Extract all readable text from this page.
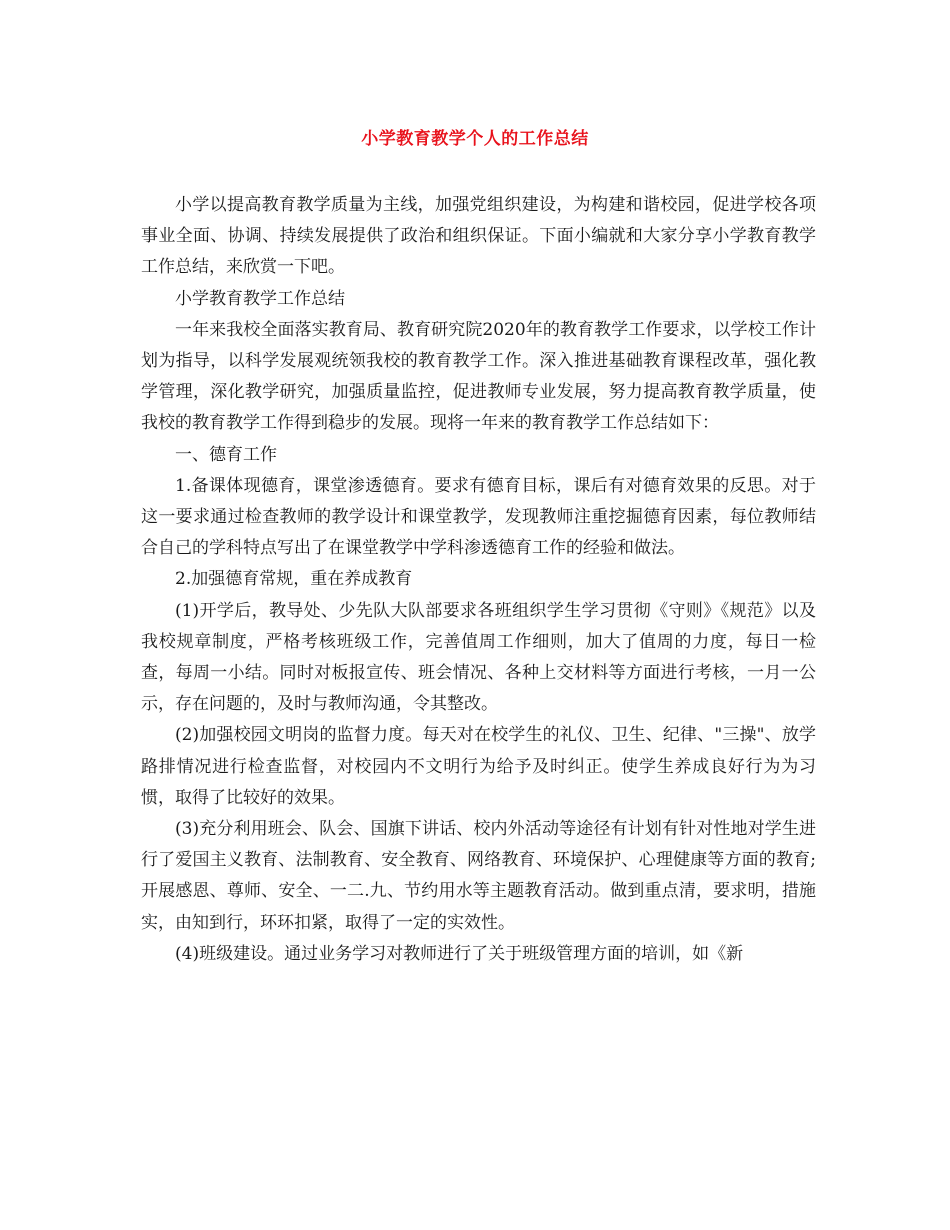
小学教育教学个人的工作总结

小学以提高教育教学质量为主线，加强党组织建设，为构建和谐校园，促进学校各项事业全面、协调、持续发展提供了政治和组织保证。下面小编就和大家分享小学教育教学工作总结，来欣赏一下吧。

小学教育教学工作总结

一年来我校全面落实教育局、教育研究院2020年的教育教学工作要求，以学校工作计划为指导，以科学发展观统领我校的教育教学工作。深入推进基础教育课程改革，强化教学管理，深化教学研究，加强质量监控，促进教师专业发展，努力提高教育教学质量，使我校的教育教学工作得到稳步的发展。现将一年来的教育教学工作总结如下：

一、德育工作

1.备课体现德育，课堂渗透德育。要求有德育目标，课后有对德育效果的反思。对于这一要求通过检查教师的教学设计和课堂教学，发现教师注重挖掘德育因素，每位教师结合自己的学科特点写出了在课堂教学中学科渗透德育工作的经验和做法。

2.加强德育常规，重在养成教育

(1)开学后，教导处、少先队大队部要求各班组织学生学习贯彻《守则》《规范》以及我校规章制度，严格考核班级工作，完善值周工作细则，加大了值周的力度，每日一检查，每周一小结。同时对板报宣传、班会情况、各种上交材料等方面进行考核，一月一公示，存在问题的，及时与教师沟通，令其整改。

(2)加强校园文明岗的监督力度。每天对在校学生的礼仪、卫生、纪律、"三操"、放学路排情况进行检查监督，对校园内不文明行为给予及时纠正。使学生养成良好行为为习惯，取得了比较好的效果。

(3)充分利用班会、队会、国旗下讲话、校内外活动等途径有计划有针对性地对学生进行了爱国主义教育、法制教育、安全教育、网络教育、环境保护、心理健康等方面的教育;开展感恩、尊师、安全、一二.九、节约用水等主题教育活动。做到重点清，要求明，措施实，由知到行，环环扣紧，取得了一定的实效性。

(4)班级建设。通过业务学习对教师进行了关于班级管理方面的培训，如《新
